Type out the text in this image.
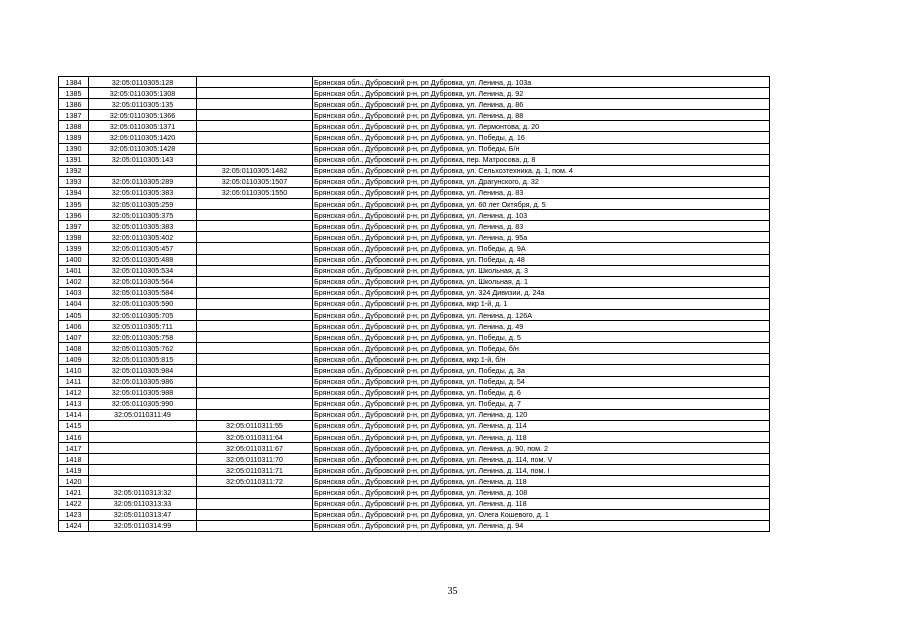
1384	32:05:0110305:128		Брянская обл., Дубровский р-н, рп Дубровка, ул. Ленина, д. 103а
1385	32:05:0110305:1308		Брянская обл., Дубровский р-н, рп Дубровка, ул. Ленина, д. 92
1386	32:05:0110305:135		Брянская обл., Дубровский р-н, рп Дубровка, ул. Ленина, д. 86
1387	32:05:0110305:1366		Брянская обл., Дубровский р-н, рп Дубровка, ул. Ленина, д. 88
1388	32:05:0110305:1371		Брянская обл., Дубровский р-н, рп Дубровка, ул. Лермонтова, д. 20
1389	32:05:0110305:1420		Брянская обл., Дубровский р-н, рп Дубровка, ул. Победы, д. 16
1390	32:05:0110305:1428		Брянская обл., Дубровский р-н, рп Дубровка, ул. Победы, Б/н
1391	32:05:0110305:143		Брянская обл., Дубровский р-н, рп Дубровка, пер. Матросова, д. 8
1392		32:05:0110305:1482	Брянская обл., Дубровский р-н, рп Дубровка, ул. Сельхозтехника, д. 1, пом. 4
1393	32:05:0110305:289	32:05:0110305:1507	Брянская обл., Дубровский р-н, рп Дубровка, ул. Драгунского, д. 32
1394	32:05:0110305:383	32:05:0110305:1550	Брянская обл., Дубровский р-н, рп Дубровка, ул. Ленина, д. 83
1395	32:05:0110305:259		Брянская обл., Дубровский р-н, рп Дубровка, ул. 60 лет Октября, д. 5
1396	32:05:0110305:375		Брянская обл., Дубровский р-н, рп Дубровка, ул. Ленина, д. 103
1397	32:05:0110305:383		Брянская обл., Дубровский р-н, рп Дубровка, ул. Ленина, д. 83
1398	32:05:0110305:402		Брянская обл., Дубровский р-н, рп Дубровка, ул. Ленина, д. 95а
1399	32:05:0110305:457		Брянская обл., Дубровский р-н, рп Дубровка, ул. Победы, д. 9А
1400	32:05:0110305:488		Брянская обл., Дубровский р-н, рп Дубровка, ул. Победы, д. 48
1401	32:05:0110305:534		Брянская обл., Дубровский р-н, рп Дубровка, ул. Школьная, д. 3
1402	32:05:0110305:564		Брянская обл., Дубровский р-н, рп Дубровка, ул. Школьная, д. 1
1403	32:05:0110305:584		Брянская обл., Дубровский р-н, рп Дубровка, ул. 324 Дивизии, д. 24а
1404	32:05:0110305:590		Брянская обл., Дубровский р-н, рп Дубровка, мкр 1-й, д. 1
1405	32:05:0110305:705		Брянская обл., Дубровский р-н, рп Дубровка, ул. Ленина, д. 126А
1406	32:05:0110305:711		Брянская обл., Дубровский р-н, рп Дубровка, ул. Ленина, д. 49
1407	32:05:0110305:758		Брянская обл., Дубровский р-н, рп Дубровка, ул. Победы, д. 5
1408	32:05:0110305:762		Брянская обл., Дубровский р-н, рп Дубровка, ул. Победы, б/н
1409	32:05:0110305:815		Брянская обл., Дубровский р-н, рп Дубровка, мкр 1-й, б/н
1410	32:05:0110305:984		Брянская обл., Дубровский р-н, рп Дубровка, ул. Победы, д. 3а
1411	32:05:0110305:986		Брянская обл., Дубровский р-н, рп Дубровка, ул. Победы, д. 54
1412	32:05:0110305:988		Брянская обл., Дубровский р-н, рп Дубровка, ул. Победы, д. 6
1413	32:05:0110305:990		Брянская обл., Дубровский р-н, рп Дубровка, ул. Победы, д. 7
1414	32:05:0110311:49		Брянская обл., Дубровский р-н, рп Дубровка, ул. Ленина, д. 120
1415		32:05:0110311:55	Брянская обл., Дубровский р-н, рп Дубровка, ул. Ленина, д. 114
1416		32:05:0110311:64	Брянская обл., Дубровский р-н, рп Дубровка, ул. Ленина, д. 118
1417		32:05:0110311:67	Брянская обл., Дубровский р-н, рп Дубровка, ул. Ленина, д. 90, пом. 2
1418		32:05:0110311:70	Брянская обл., Дубровский р-н, рп Дубровка, ул. Ленина, д. 114, пом. V
1419		32:05:0110311:71	Брянская обл., Дубровский р-н, рп Дубровка, ул. Ленина, д. 114, пом. I
1420		32:05:0110311:72	Брянская обл., Дубровский р-н, рп Дубровка, ул. Ленина, д. 118
1421	32:05:0110313:32		Брянская обл., Дубровский р-н, рп Дубровка, ул. Ленина, д. 108
1422	32:05:0110313:33		Брянская обл., Дубровский р-н, рп Дубровка, ул. Ленина, д. 118
1423	32:05:0110313:47		Брянская обл., Дубровский р-н, рп Дубровка, ул. Олега Кошевого, д. 1
1424	32:05:0110314:99		Брянская обл., Дубровский р-н, рп Дубровка, ул. Ленина, д. 94
35
